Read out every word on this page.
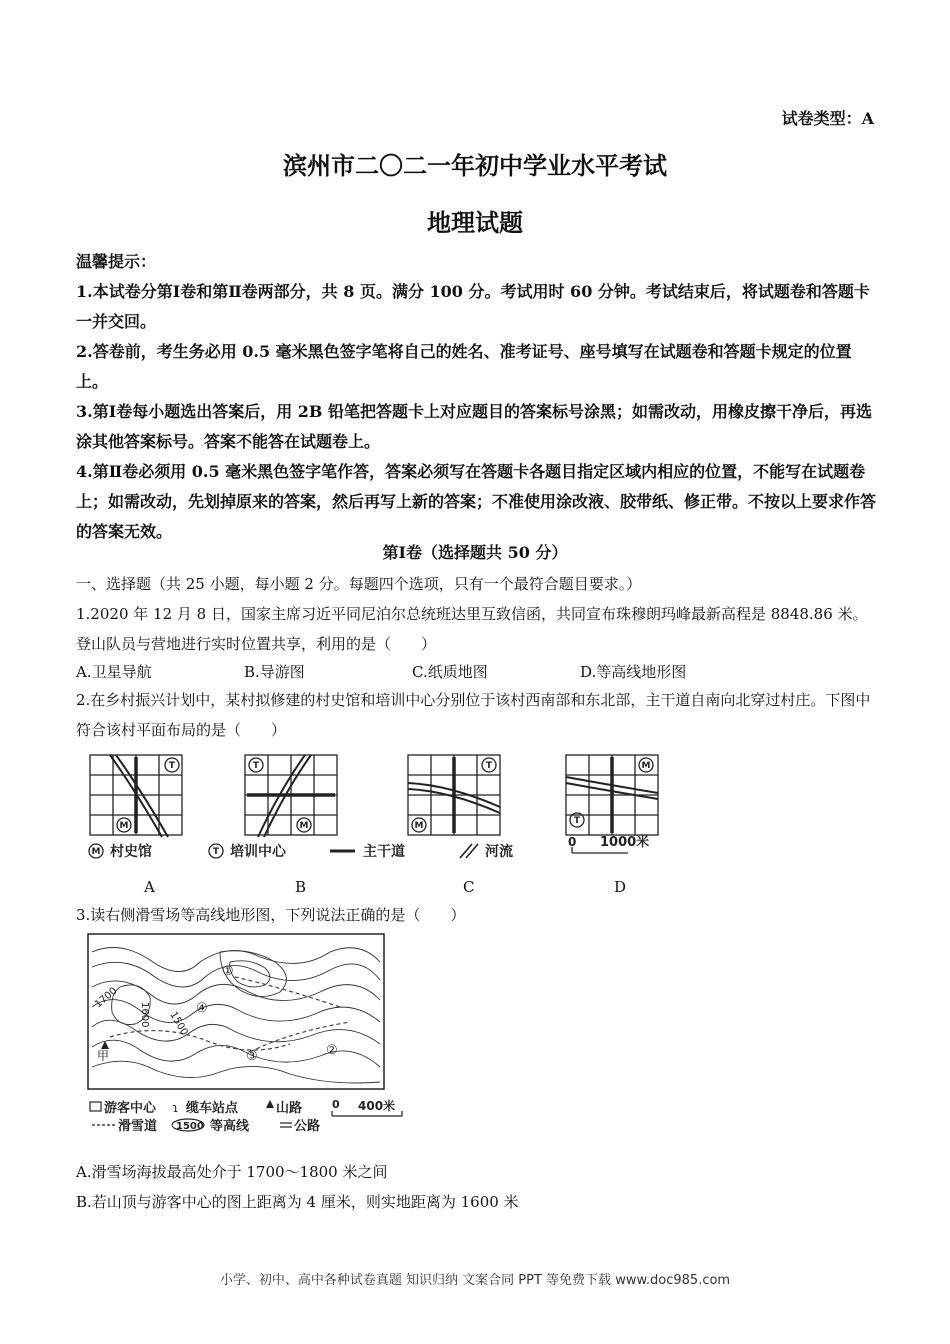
试卷类型：A
滨州市二〇二一年初中学业水平考试
地理试题

温馨提示：

1.本试卷分第Ⅰ卷和第Ⅱ卷两部分，共 8 页。满分 100 分。考试用时 60 分钟。考试结束后，将试题卷和答题卡一并交回。

2.答卷前，考生务必用 0.5 毫米黑色签字笔将自己的姓名、准考证号、座号填写在试题卷和答题卡规定的位置上。

3.第Ⅰ卷每小题选出答案后，用 2B 铅笔把答题卡上对应题目的答案标号涂黑；如需改动，用橡皮擦干净后，再选涂其他答案标号。答案不能答在试题卷上。

4.第Ⅱ卷必须用 0.5 毫米黑色签字笔作答，答案必须写在答题卡各题目指定区域内相应的位置，不能写在试题卷上；如需改动，先划掉原来的答案，然后再写上新的答案；不准使用涂改液、胶带纸、修正带。不按以上要求作答的答案无效。

第Ⅰ卷（选择题共 50 分）
一、选择题（共 25 小题，每小题 2 分。每题四个选项，只有一个最符合题目要求。）
1.2020 年 12 月 8 日，国家主席习近平同尼泊尔总统班达里互致信函，共同宣布珠穆朗玛峰最新高程是 8848.86 米。登山队员与营地进行实时位置共享，利用的是（　　）
A.卫星导航	B.导游图	C.纸质地图	D.等高线地形图
2.在乡村振兴计划中，某村拟修建的村史馆和培训中心分别位于该村西南部和东北部，主干道自南向北穿过村庄。下图中符合该村平面布局的是（　　）
T
M
T
M
T
M
M
T
M	T
村史馆	培训中心	主干道	河流
0 1000米
A	B	C	D
3.读右侧滑雪场等高线地形图，下列说法正确的是（　　）
①
②
③
④
甲
1700
1600 1500
游客中心 缆车站点	山路
滑雪道 1500 等高线	公路
0 400米
ɿ
A.滑雪场海拔最高处介于 1700～1800 米之间
B.若山顶与游客中心的图上距离为 4 厘米，则实地距离为 1600 米
小学、初中、高中各种试卷真题 知识归纳 文案合同 PPT 等免费下载 www.doc985.com
